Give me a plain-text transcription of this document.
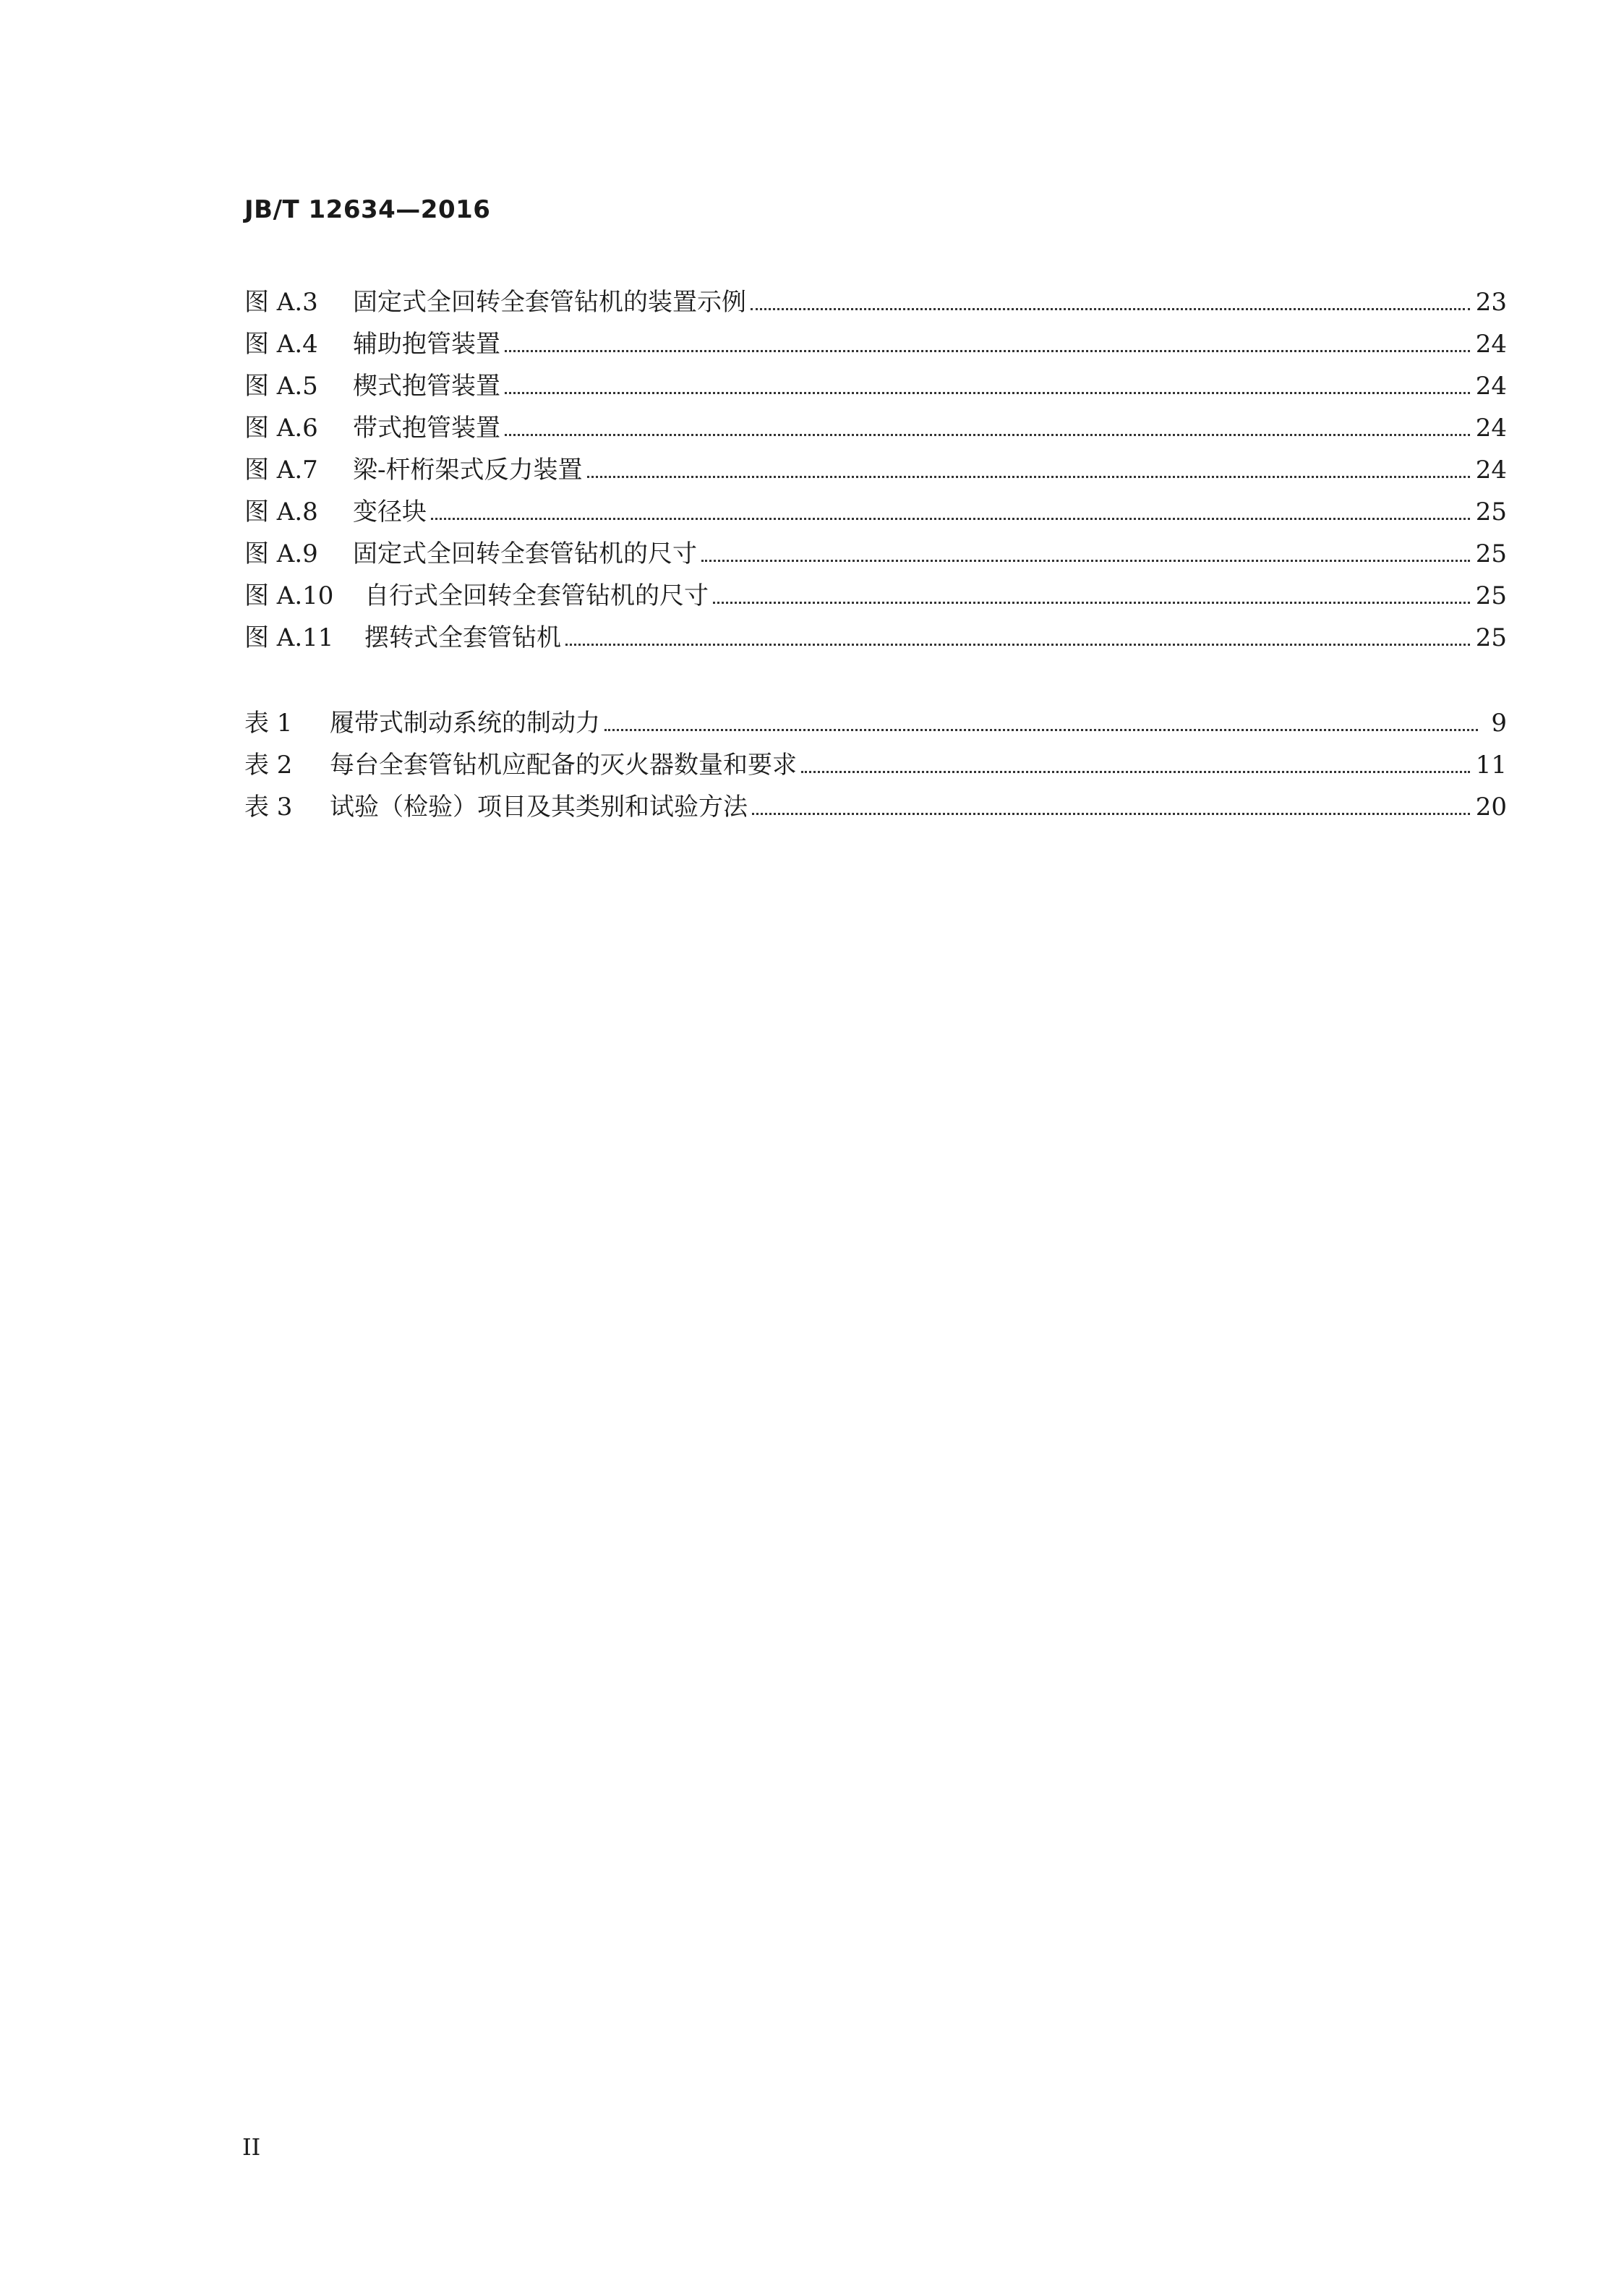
JB/T 12634—2016
图 A.3	固定式全回转全套管钻机的装置示例	23
图 A.4	辅助抱管装置	24
图 A.5	楔式抱管装置	24
图 A.6	带式抱管装置	24
图 A.7	梁-杆桁架式反力装置	24
图 A.8	变径块	25
图 A.9	固定式全回转全套管钻机的尺寸	25
图 A.10	自行式全回转全套管钻机的尺寸	25
图 A.11	摆转式全套管钻机	25
表 1	履带式制动系统的制动力	9
表 2	每台全套管钻机应配备的灭火器数量和要求	11
表 3	试验（检验）项目及其类别和试验方法	20
II
